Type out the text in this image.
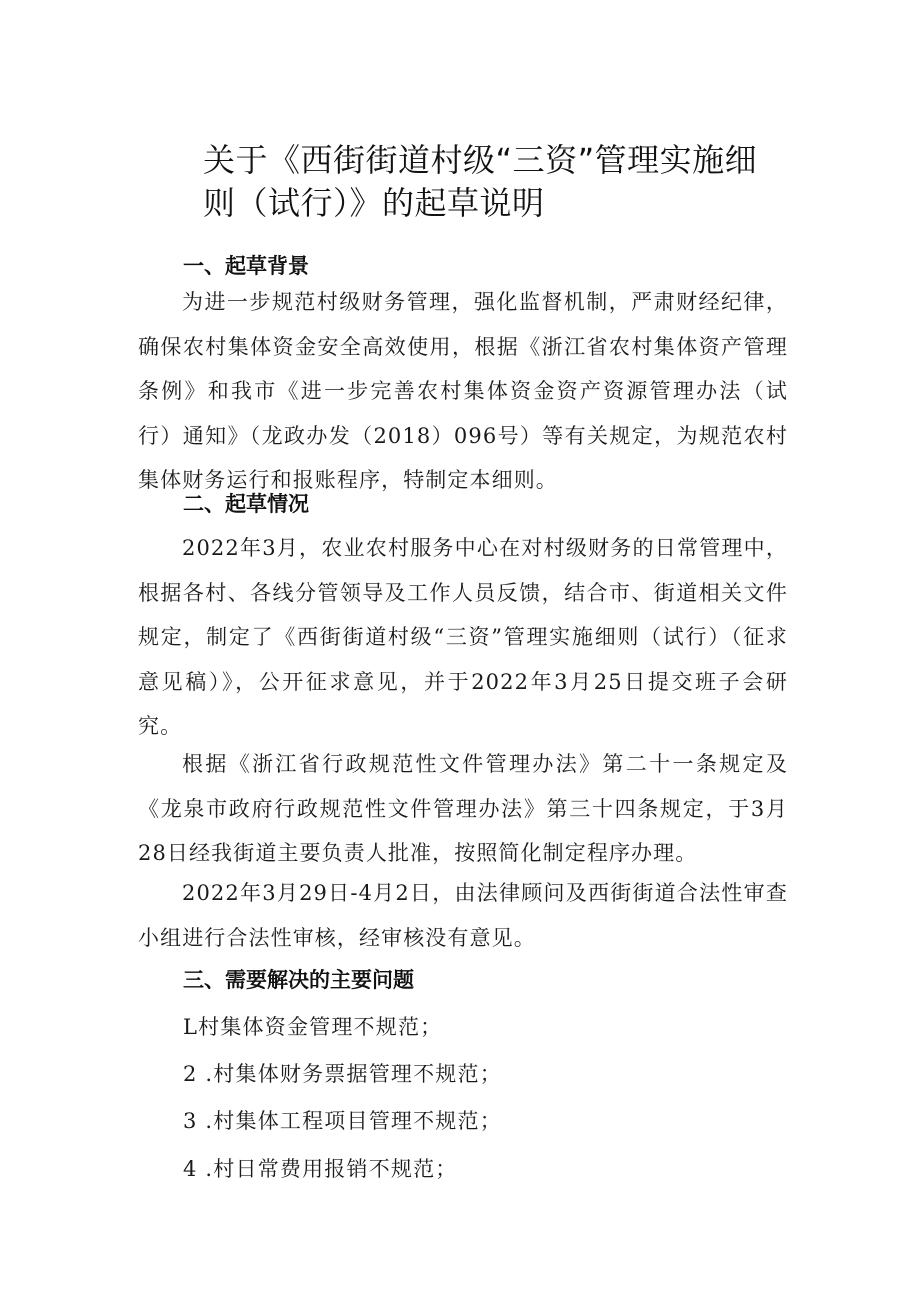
关于《西街街道村级“三资”管理实施细
则（试行）》的起草说明
一、起草背景
为进一步规范村级财务管理，强化监督机制，严肃财经纪律，确保农村集体资金安全高效使用，根据《浙江省农村集体资产管理条例》和我市《进一步完善农村集体资金资产资源管理办法（试行）通知》（龙政办发（2018）096号）等有关规定，为规范农村集体财务运行和报账程序，特制定本细则。
二、起草情况
2022年3月，农业农村服务中心在对村级财务的日常管理中，根据各村、各线分管领导及工作人员反馈，结合市、街道相关文件规定，制定了《西街街道村级“三资”管理实施细则（试行）（征求意见稿）》，公开征求意见，并于2022年3月25日提交班子会研究。
根据《浙江省行政规范性文件管理办法》第二十一条规定及《龙泉市政府行政规范性文件管理办法》第三十四条规定，于3月28日经我街道主要负责人批准，按照简化制定程序办理。
2022年3月29日-4月2日，由法律顾问及西街街道合法性审查小组进行合法性审核，经审核没有意见。
三、需要解决的主要问题
L村集体资金管理不规范；
2 .村集体财务票据管理不规范；
3 .村集体工程项目管理不规范；
4 .村日常费用报销不规范；
